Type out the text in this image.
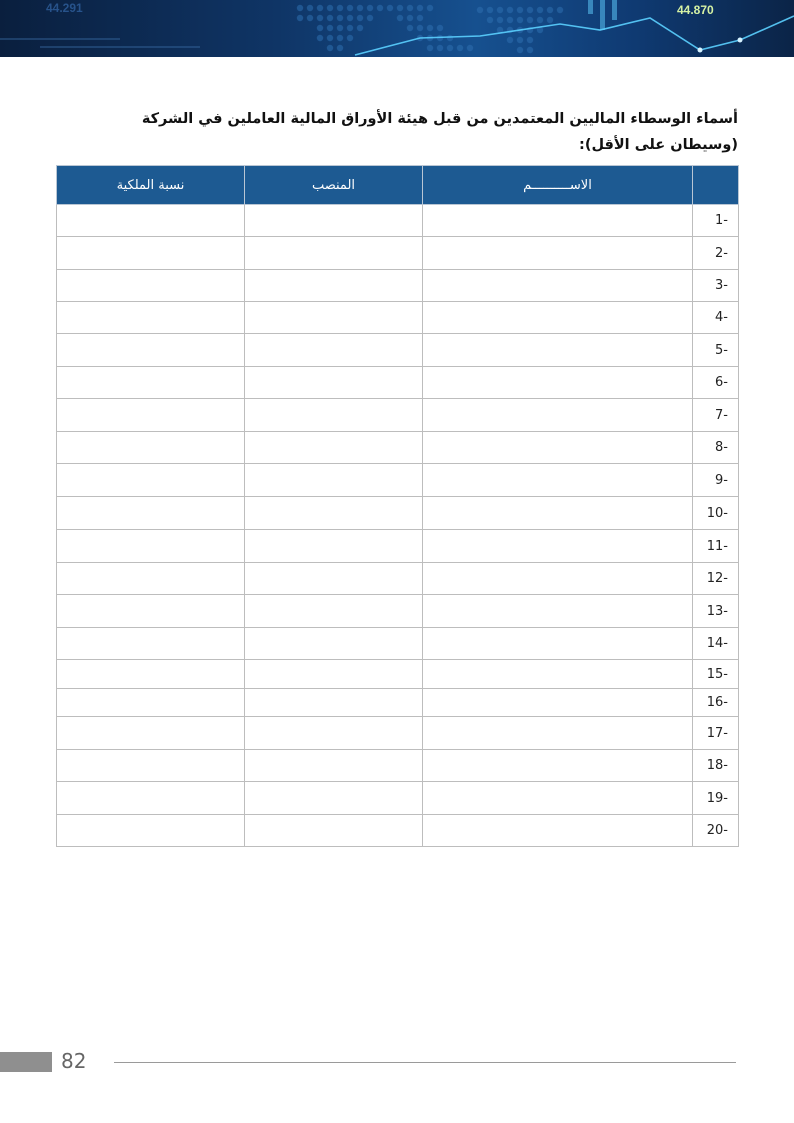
44.291	44.870
أسماء الوسطاء الماليين المعتمدين من قبل هيئة الأوراق المالية العاملين في الشركة
(وسيطان على الأقل):
	الاســــــــــم	المنصب	نسبة الملكية
1-			
2-			
3-			
4-			
5-			
6-			
7-			
8-			
9-			
10-			
11-			
12-			
13-			
14-			
15-			
16-			
17-			
18-			
19-			
20-			
82
